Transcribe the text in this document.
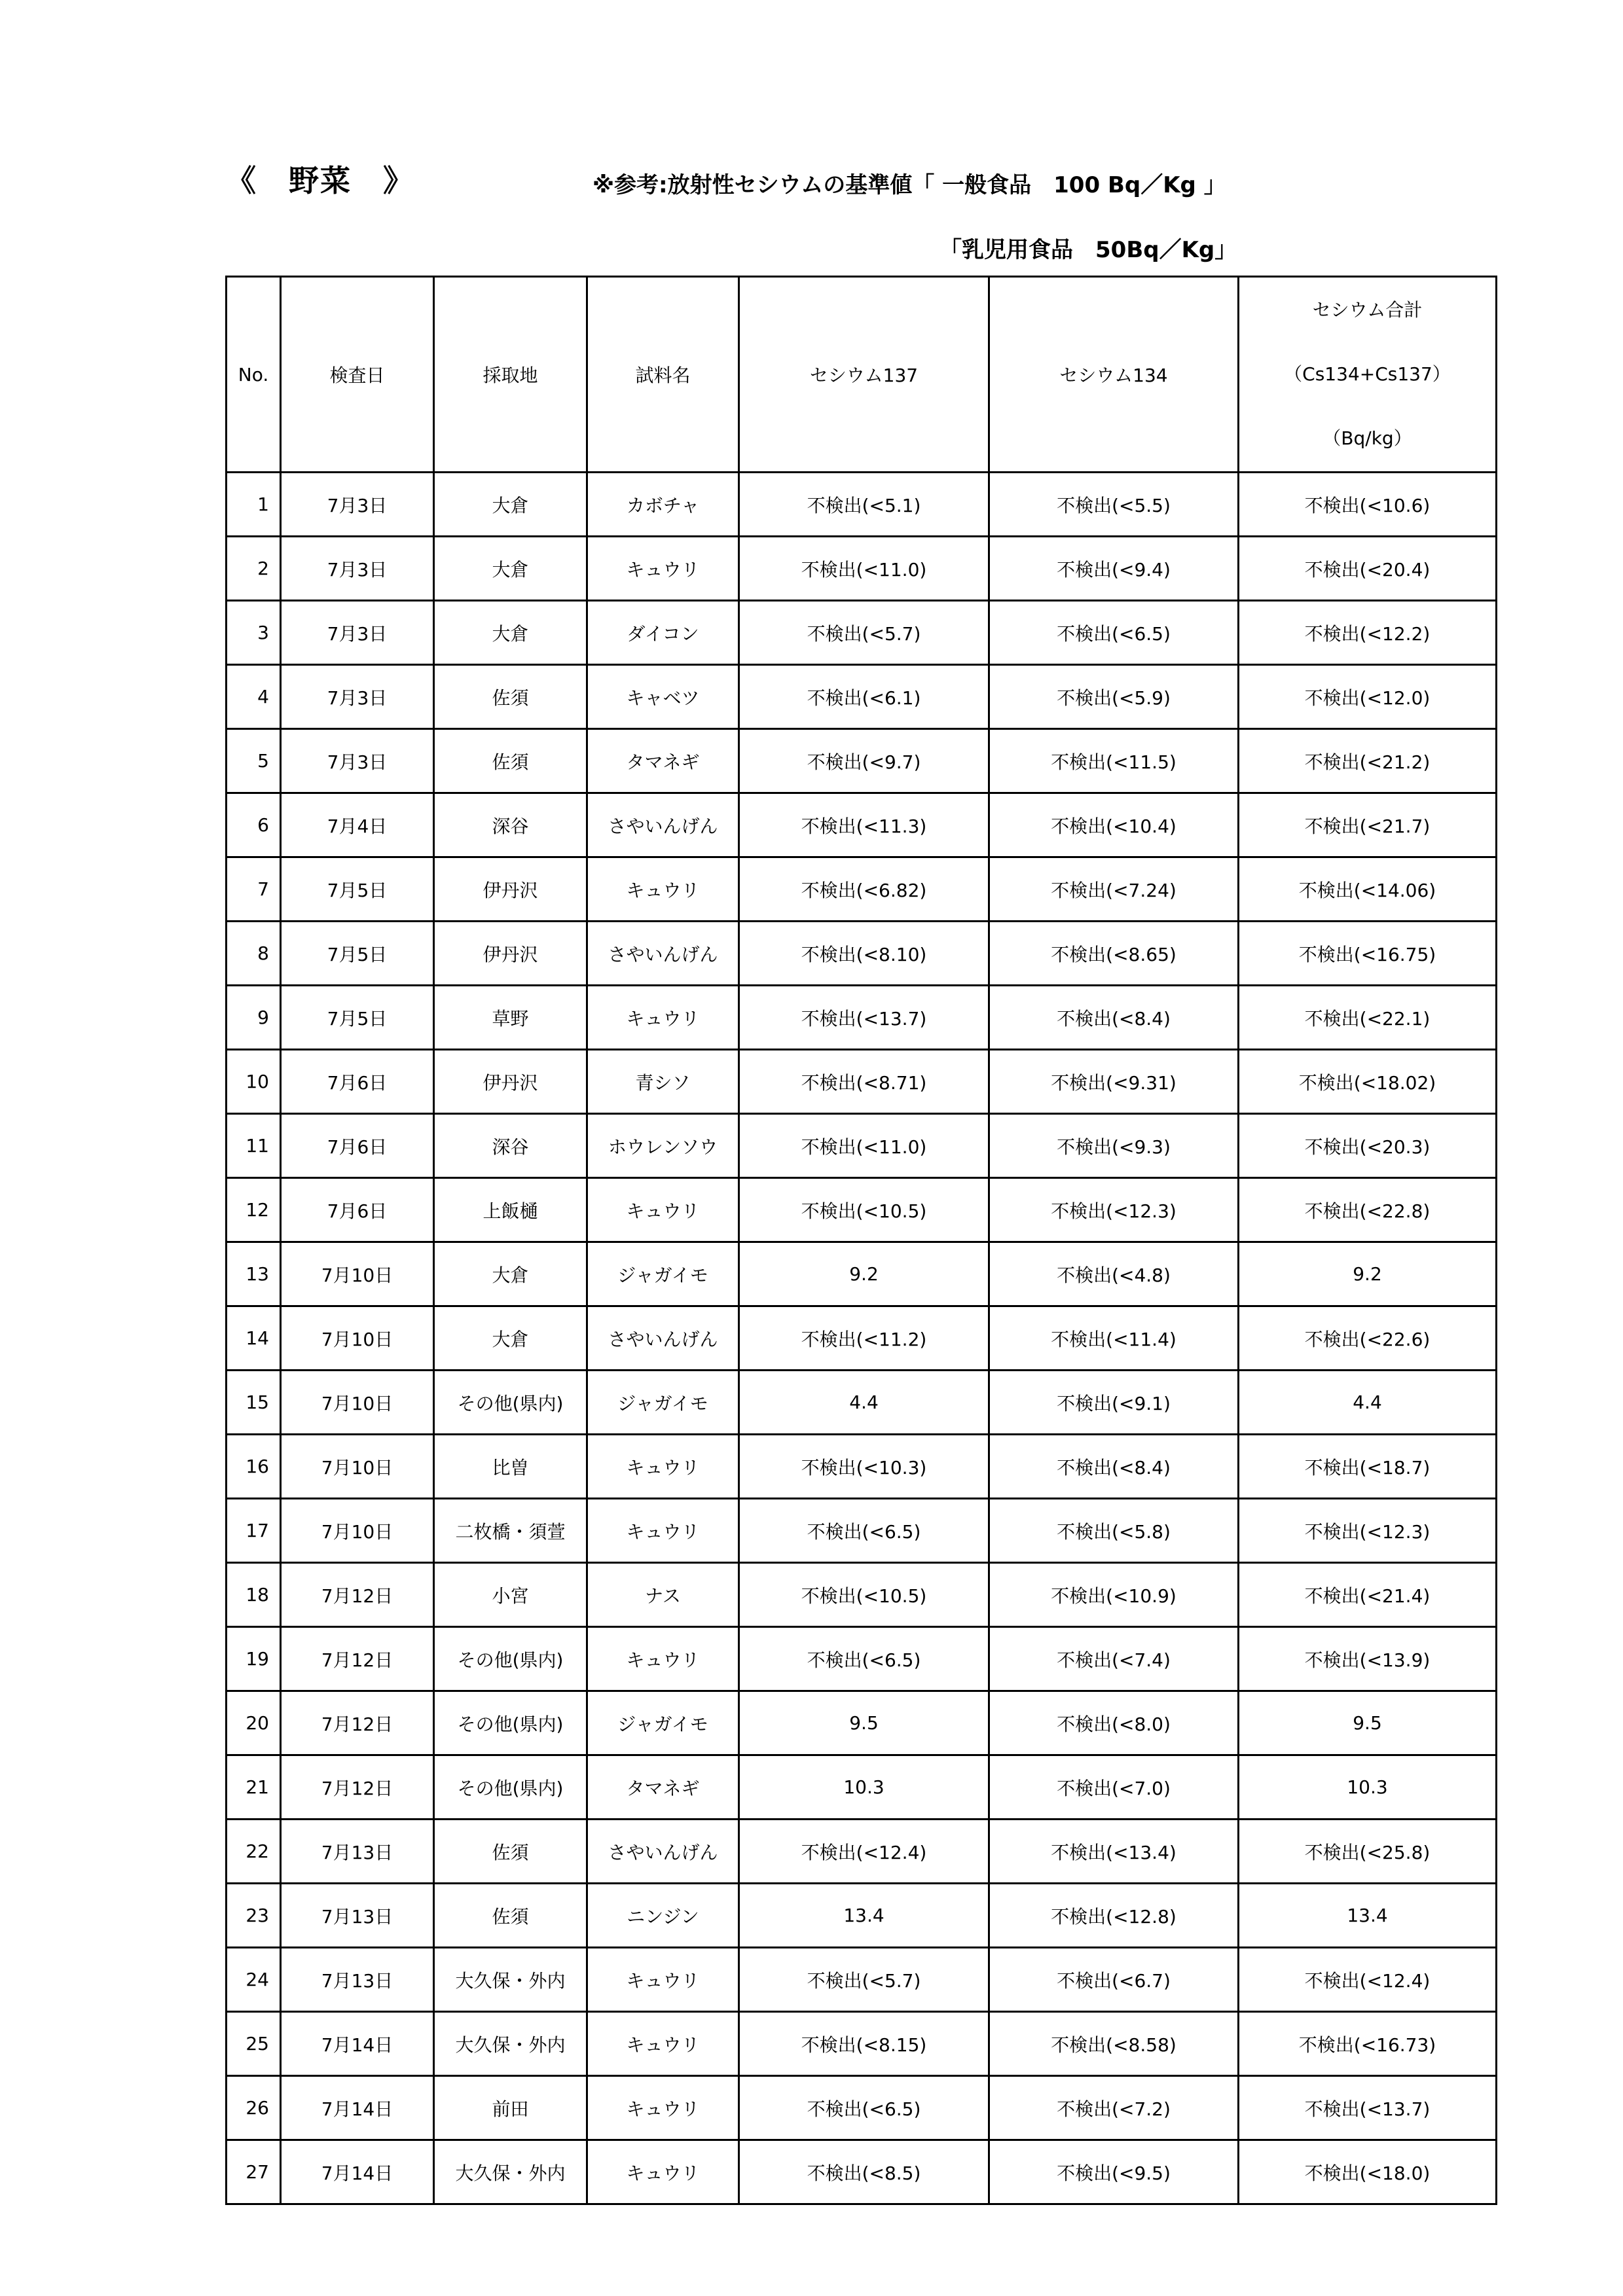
《　野菜　》	※参考:放射性セシウムの基準値「 一般食品　100 Bq／Kg 」
「乳児用食品　50Bq／Kg」
No.	検査日	採取地	試料名	セシウム137	セシウム134	セシウム合計
（Cs134+Cs137）
（Bq/kg）

1	7月3日	大倉	カボチャ	不検出(<5.1)	不検出(<5.5)	不検出(<10.6)
2	7月3日	大倉	キュウリ	不検出(<11.0)	不検出(<9.4)	不検出(<20.4)
3	7月3日	大倉	ダイコン	不検出(<5.7)	不検出(<6.5)	不検出(<12.2)
4	7月3日	佐須	キャベツ	不検出(<6.1)	不検出(<5.9)	不検出(<12.0)
5	7月3日	佐須	タマネギ	不検出(<9.7)	不検出(<11.5)	不検出(<21.2)
6	7月4日	深谷	さやいんげん	不検出(<11.3)	不検出(<10.4)	不検出(<21.7)
7	7月5日	伊丹沢	キュウリ	不検出(<6.82)	不検出(<7.24)	不検出(<14.06)
8	7月5日	伊丹沢	さやいんげん	不検出(<8.10)	不検出(<8.65)	不検出(<16.75)
9	7月5日	草野	キュウリ	不検出(<13.7)	不検出(<8.4)	不検出(<22.1)
10	7月6日	伊丹沢	青シソ	不検出(<8.71)	不検出(<9.31)	不検出(<18.02)
11	7月6日	深谷	ホウレンソウ	不検出(<11.0)	不検出(<9.3)	不検出(<20.3)
12	7月6日	上飯樋	キュウリ	不検出(<10.5)	不検出(<12.3)	不検出(<22.8)
13	7月10日	大倉	ジャガイモ	9.2	不検出(<4.8)	9.2
14	7月10日	大倉	さやいんげん	不検出(<11.2)	不検出(<11.4)	不検出(<22.6)
15	7月10日	その他(県内)	ジャガイモ	4.4	不検出(<9.1)	4.4
16	7月10日	比曽	キュウリ	不検出(<10.3)	不検出(<8.4)	不検出(<18.7)
17	7月10日	二枚橋・須萱	キュウリ	不検出(<6.5)	不検出(<5.8)	不検出(<12.3)
18	7月12日	小宮	ナス	不検出(<10.5)	不検出(<10.9)	不検出(<21.4)
19	7月12日	その他(県内)	キュウリ	不検出(<6.5)	不検出(<7.4)	不検出(<13.9)
20	7月12日	その他(県内)	ジャガイモ	9.5	不検出(<8.0)	9.5
21	7月12日	その他(県内)	タマネギ	10.3	不検出(<7.0)	10.3
22	7月13日	佐須	さやいんげん	不検出(<12.4)	不検出(<13.4)	不検出(<25.8)
23	7月13日	佐須	ニンジン	13.4	不検出(<12.8)	13.4
24	7月13日	大久保・外内	キュウリ	不検出(<5.7)	不検出(<6.7)	不検出(<12.4)
25	7月14日	大久保・外内	キュウリ	不検出(<8.15)	不検出(<8.58)	不検出(<16.73)
26	7月14日	前田	キュウリ	不検出(<6.5)	不検出(<7.2)	不検出(<13.7)
27	7月14日	大久保・外内	キュウリ	不検出(<8.5)	不検出(<9.5)	不検出(<18.0)
